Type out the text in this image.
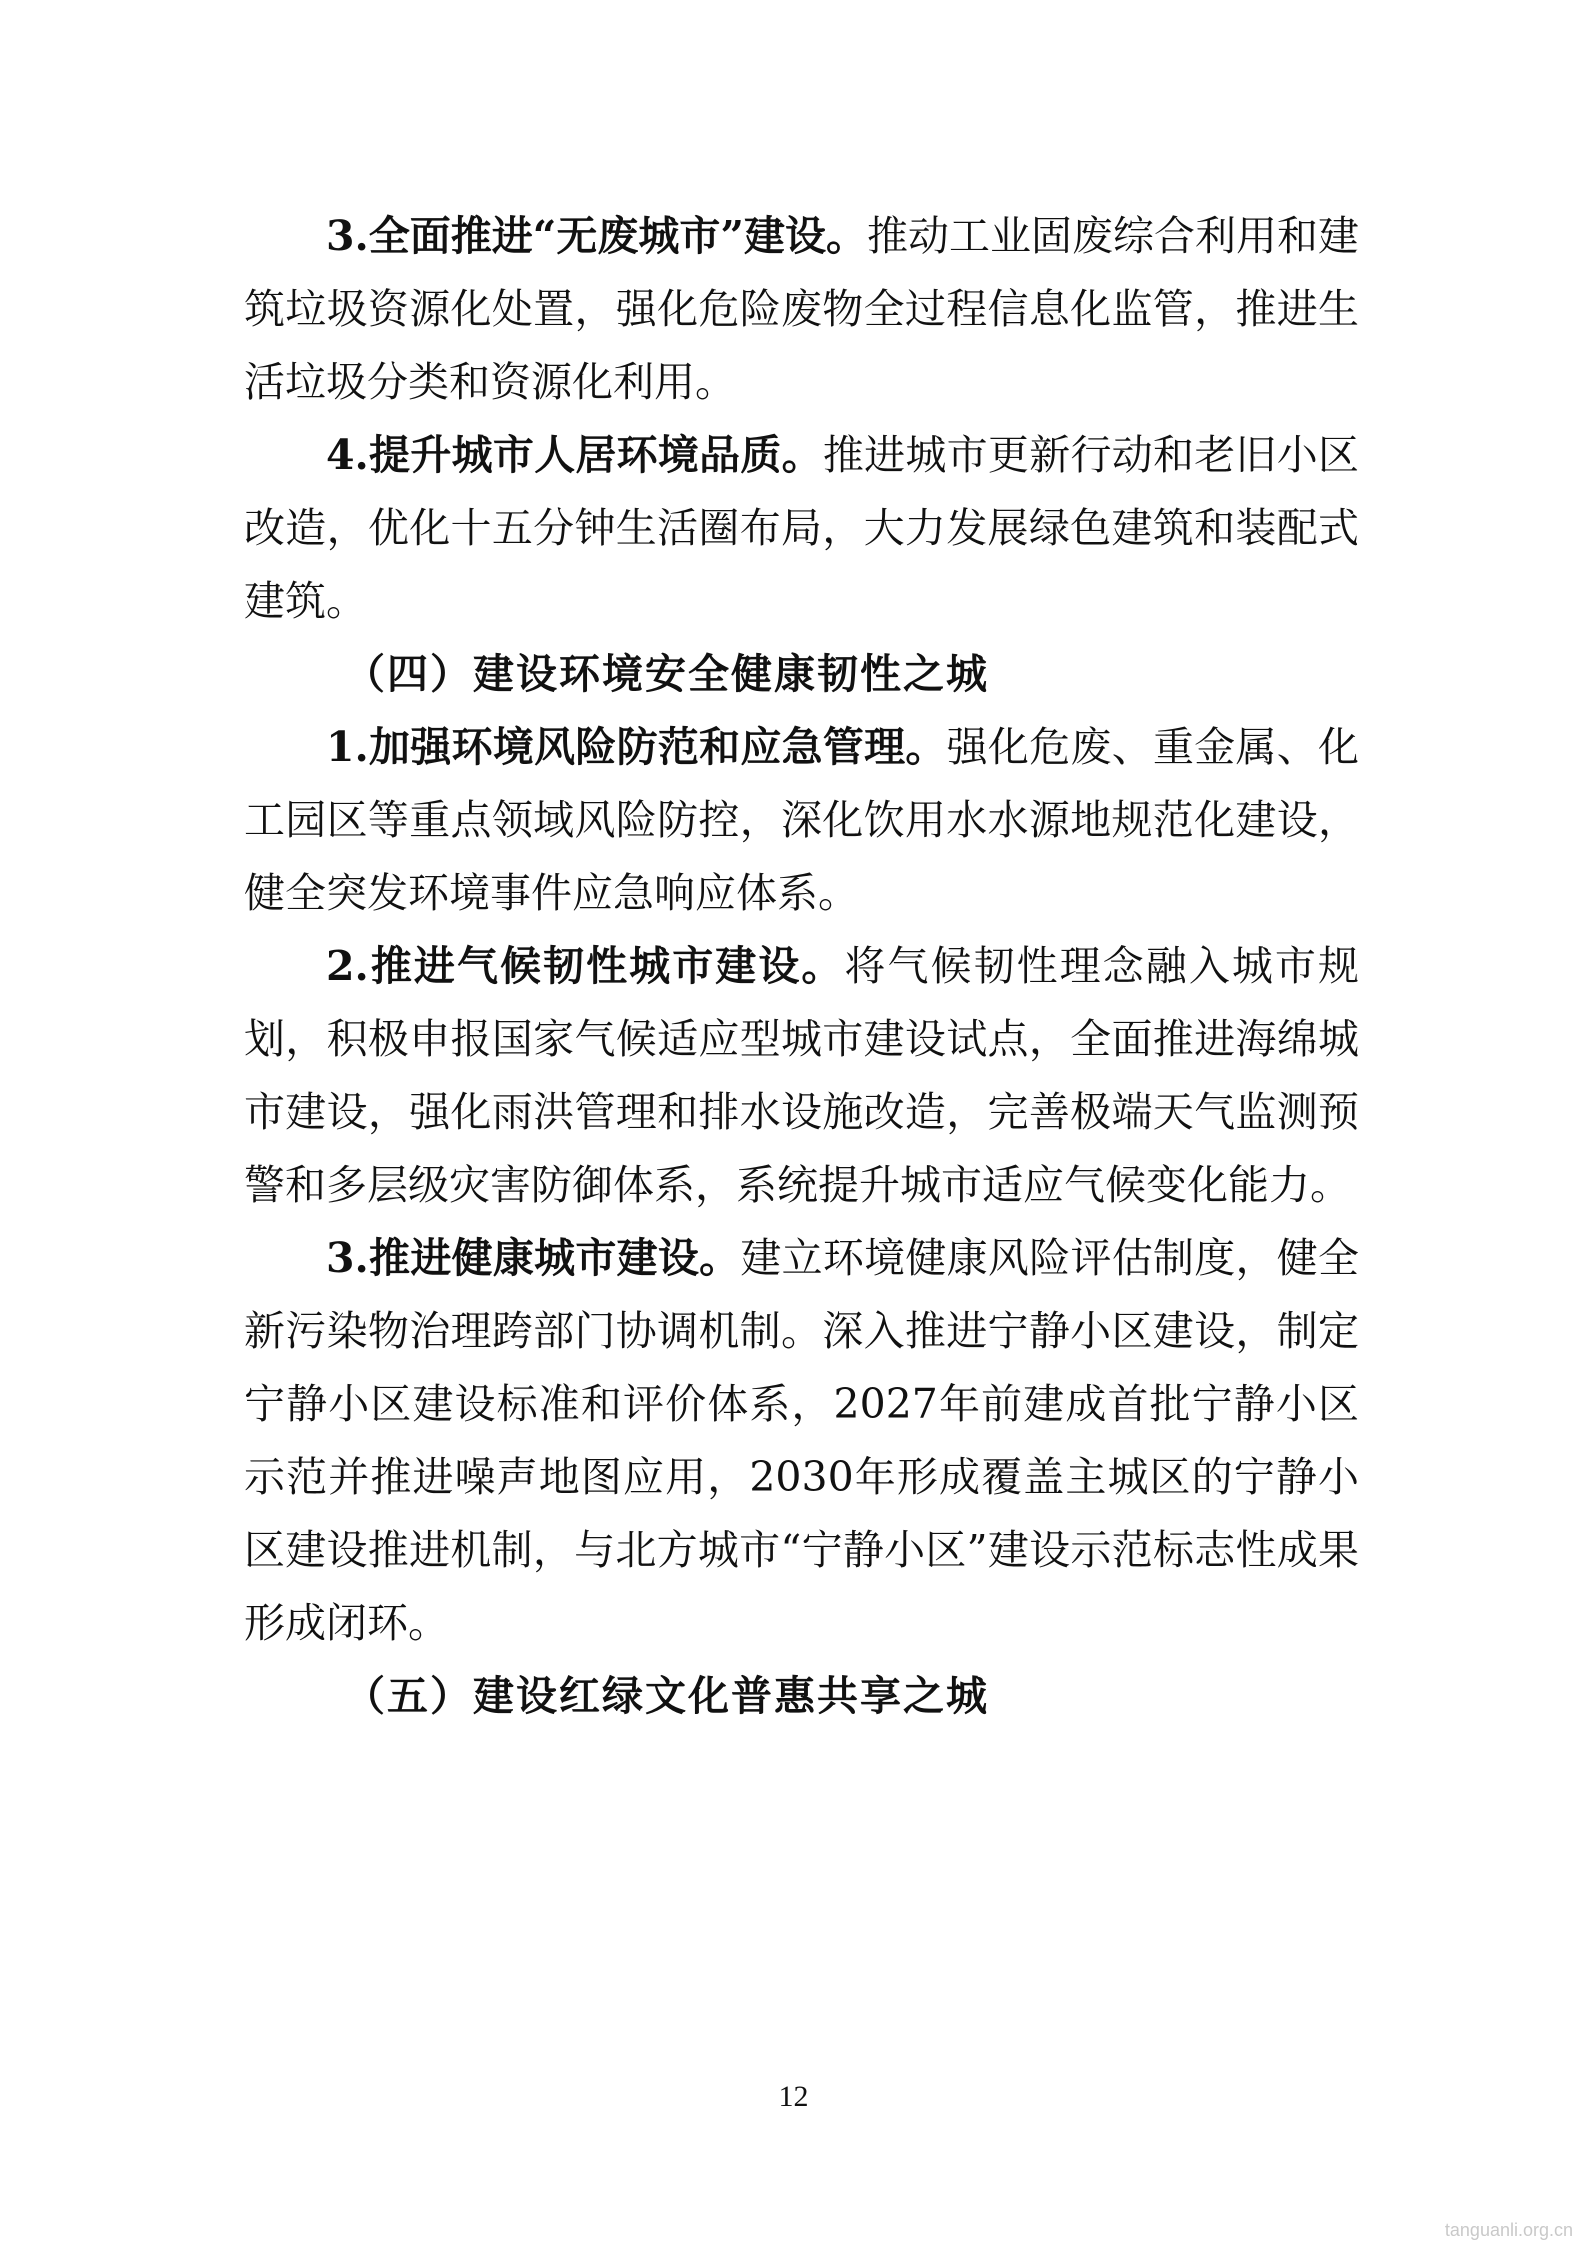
3.全面推进“无废城市”建设。推动工业固废综合利用和建筑垃圾资源化处置，强化危险废物全过程信息化监管，推进生活垃圾分类和资源化利用。

4.提升城市人居环境品质。推进城市更新行动和老旧小区改造，优化十五分钟生活圈布局，大力发展绿色建筑和装配式建筑。

（四）建设环境安全健康韧性之城

1.加强环境风险防范和应急管理。强化危废、重金属、化工园区等重点领域风险防控，深化饮用水水源地规范化建设，健全突发环境事件应急响应体系。

2.推进气候韧性城市建设。将气候韧性理念融入城市规划，积极申报国家气候适应型城市建设试点，全面推进海绵城市建设，强化雨洪管理和排水设施改造，完善极端天气监测预警和多层级灾害防御体系，系统提升城市适应气候变化能力。

3.推进健康城市建设。建立环境健康风险评估制度，健全新污染物治理跨部门协调机制。深入推进宁静小区建设，制定宁静小区建设标准和评价体系，2027年前建成首批宁静小区示范并推进噪声地图应用，2030年形成覆盖主城区的宁静小区建设推进机制，与北方城市“宁静小区”建设示范标志性成果形成闭环。

（五）建设红绿文化普惠共享之城

12
tanguanli.org.cn
